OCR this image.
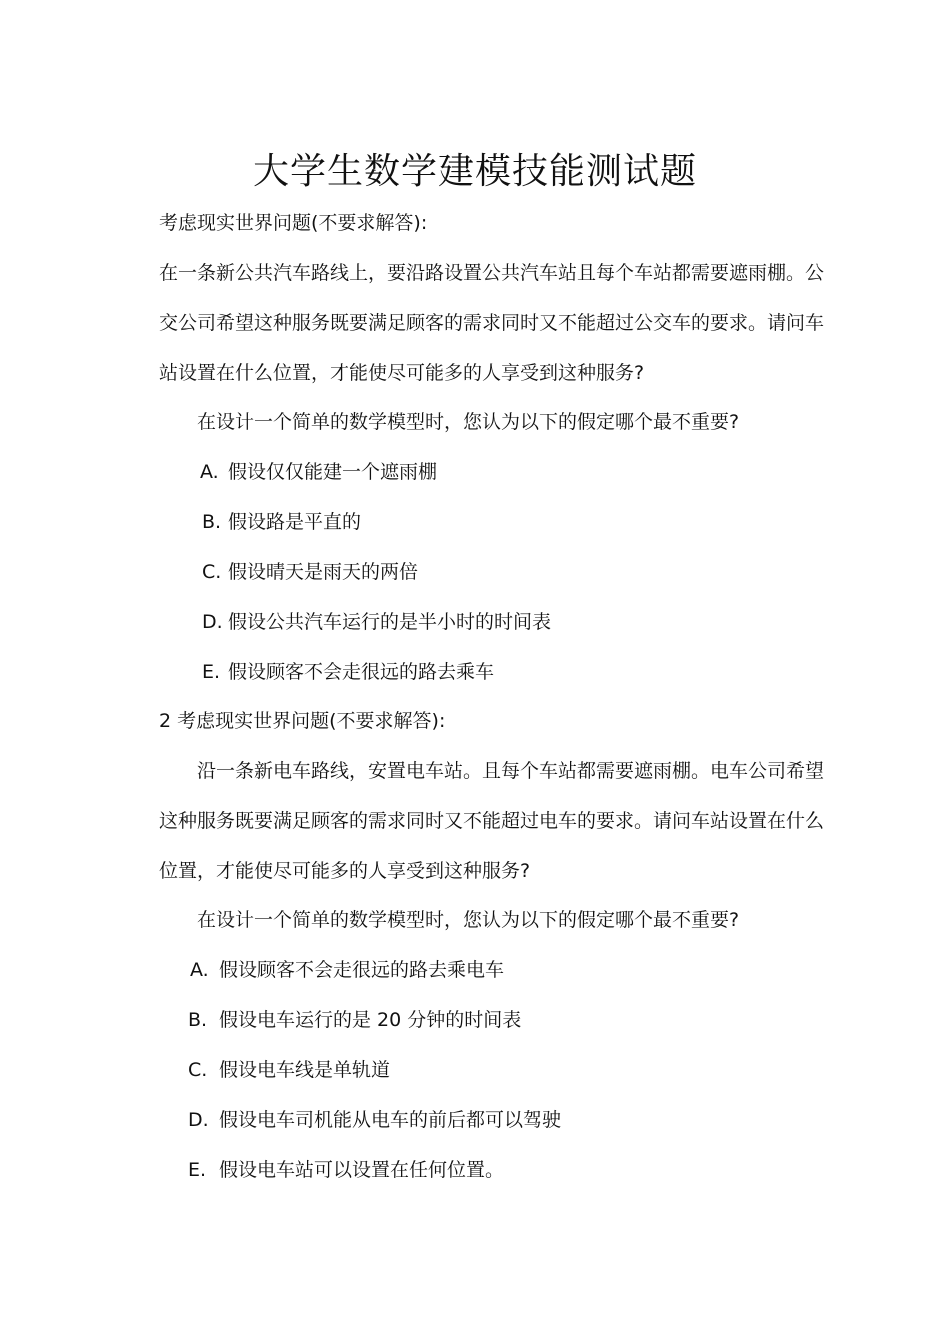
大学生数学建模技能测试题
考虑现实世界问题(不要求解答):
在一条新公共汽车路线上，要沿路设置公共汽车站且每个车站都需要遮雨棚。公交公司希望这种服务既要满足顾客的需求同时又不能超过公交车的要求。请问车站设置在什么位置，才能使尽可能多的人享受到这种服务?
在设计一个简单的数学模型时，您认为以下的假定哪个最不重要?
A. 假设仅仅能建一个遮雨棚
B. 假设路是平直的
C. 假设晴天是雨天的两倍
D. 假设公共汽车运行的是半小时的时间表
E. 假设顾客不会走很远的路去乘车
2 考虑现实世界问题(不要求解答):
沿一条新电车路线，安置电车站。且每个车站都需要遮雨棚。电车公司希望这种服务既要满足顾客的需求同时又不能超过电车的要求。请问车站设置在什么位置，才能使尽可能多的人享受到这种服务?
在设计一个简单的数学模型时，您认为以下的假定哪个最不重要?
A. 假设顾客不会走很远的路去乘电车
B. 假设电车运行的是 20 分钟的时间表
C. 假设电车线是单轨道
D. 假设电车司机能从电车的前后都可以驾驶
E. 假设电车站可以设置在任何位置。
